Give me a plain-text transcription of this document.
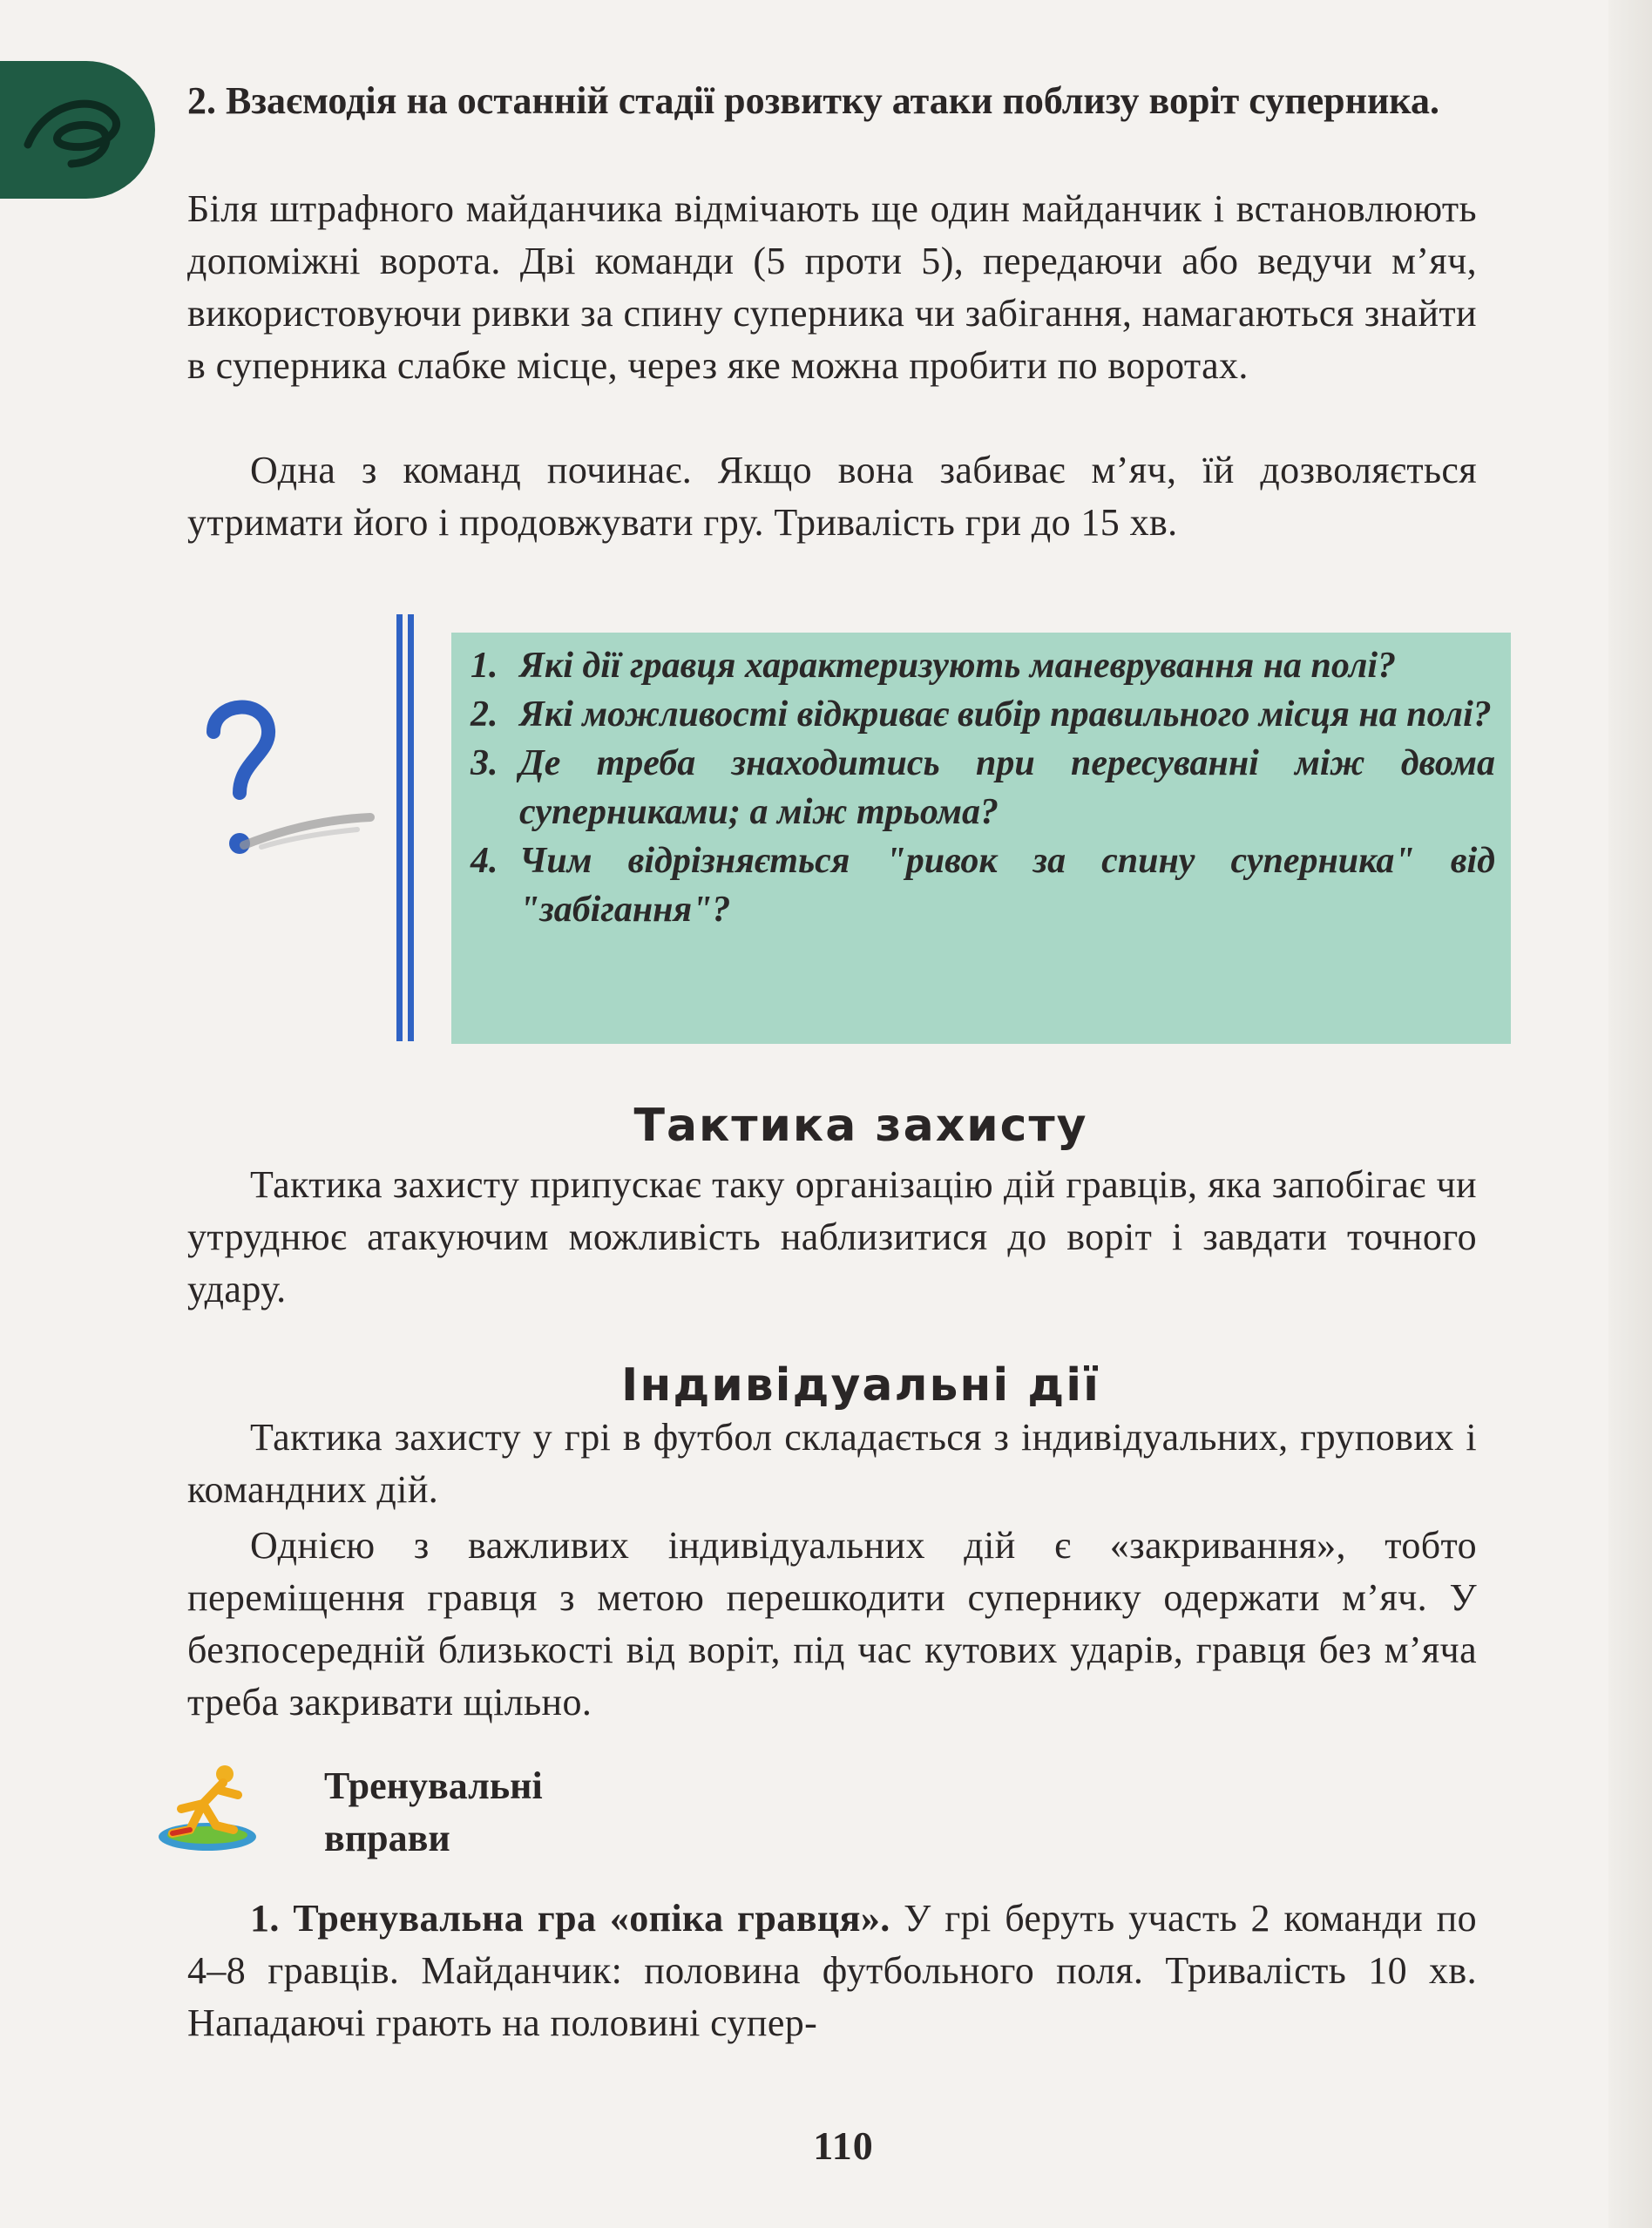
2. Взаємодія на останній стадії розвитку атаки поблизу воріт суперника.

Біля штрафного майданчика відмічають ще один майданчик і встановлюють допоміжні ворота. Дві команди (5 проти 5), передаючи або ведучи м’яч, використовуючи ривки за спину суперника чи забігання, намагаються знайти в суперника слабке місце, через яке можна пробити по воротах.

Одна з команд починає. Якщо вона забиває м’яч, їй дозволяється утримати його і продовжувати гру. Тривалість гри до 15 хв.

1. Які дії гравця характеризують маневрування на полі?
2. Які можливості відкриває вибір правильного місця на полі?
3. Де треба знаходитись при пересуванні між двома суперниками; а між трьома?
4. Чим відрізняється "ривок за спину суперника" від "забігання"?
Тактика захисту

Тактика захисту припускає таку організацію дій гравців, яка запобігає чи утруднює атакуючим можливість наблизитися до воріт і завдати точного удару.

Індивідуальні дії

Тактика захисту у грі в футбол складається з індивідуальних, групових і командних дій.

Однією з важливих індивідуальних дій є «закривання», тобто переміщення гравця з метою перешкодити супернику одержати м’яч. У безпосередній близькості від воріт, під час кутових ударів, гравця без м’яча треба закривати щільно.

Тренувальні
вправи

1. Тренувальна гра «опіка гравця». У грі беруть участь 2 команди по 4–8 гравців. Майданчик: половина футбольного поля. Тривалість 10 хв. Нападаючі грають на половині супер-

110
